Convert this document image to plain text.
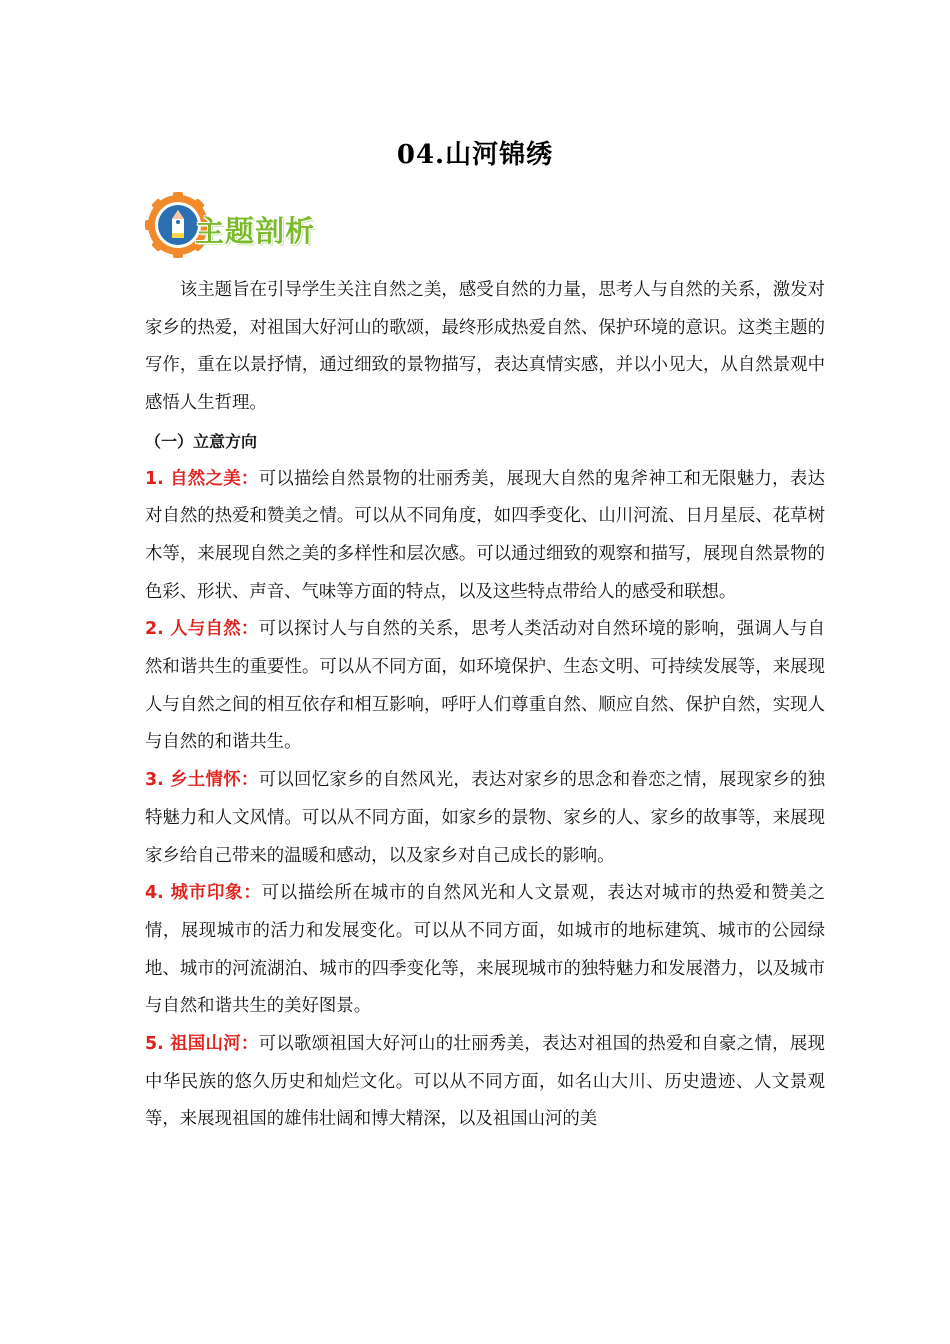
04.山河锦绣
主题剖析

该主题旨在引导学生关注自然之美，感受自然的力量，思考人与自然的关系，激发对家乡的热爱，对祖国大好河山的歌颂，最终形成热爱自然、保护环境的意识。这类主题的写作，重在以景抒情，通过细致的景物描写，表达真情实感，并以小见大，从自然景观中感悟人生哲理。

（一）立意方向

1. 自然之美：可以描绘自然景物的壮丽秀美，展现大自然的鬼斧神工和无限魅力，表达对自然的热爱和赞美之情。可以从不同角度，如四季变化、山川河流、日月星辰、花草树木等，来展现自然之美的多样性和层次感。可以通过细致的观察和描写，展现自然景物的色彩、形状、声音、气味等方面的特点，以及这些特点带给人的感受和联想。

2. 人与自然：可以探讨人与自然的关系，思考人类活动对自然环境的影响，强调人与自然和谐共生的重要性。可以从不同方面，如环境保护、生态文明、可持续发展等，来展现人与自然之间的相互依存和相互影响，呼吁人们尊重自然、顺应自然、保护自然，实现人与自然的和谐共生。

3. 乡土情怀：可以回忆家乡的自然风光，表达对家乡的思念和眷恋之情，展现家乡的独特魅力和人文风情。可以从不同方面，如家乡的景物、家乡的人、家乡的故事等，来展现家乡给自己带来的温暖和感动，以及家乡对自己成长的影响。

4. 城市印象：可以描绘所在城市的自然风光和人文景观，表达对城市的热爱和赞美之情，展现城市的活力和发展变化。可以从不同方面，如城市的地标建筑、城市的公园绿地、城市的河流湖泊、城市的四季变化等，来展现城市的独特魅力和发展潜力，以及城市与自然和谐共生的美好图景。

5. 祖国山河：可以歌颂祖国大好河山的壮丽秀美，表达对祖国的热爱和自豪之情，展现中华民族的悠久历史和灿烂文化。可以从不同方面，如名山大川、历史遗迹、人文景观等，来展现祖国的雄伟壮阔和博大精深，以及祖国山河的美
